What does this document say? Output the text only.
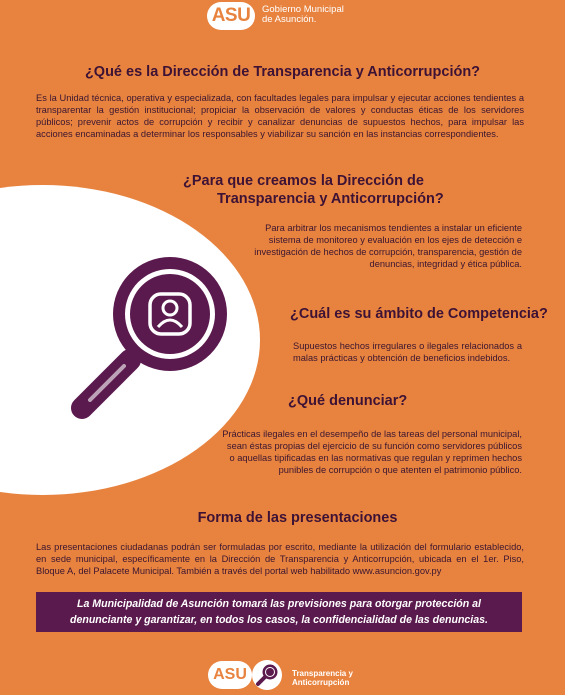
ASU	Gobierno Municipal
de Asunción.
¿Qué es la Dirección de Transparencia y Anticorrupción?

Es la Unidad técnica, operativa y especializada, con facultades legales para impulsar y ejecutar acciones tendientes a transparentar la gestión institucional; propiciar la observación de valores y conductas éticas de los servidores públicos; prevenir actos de corrupción y recibir y canalizar denuncias de supuestos hechos, para impulsar las acciones encaminadas a determinar los responsables y viabilizar su sanción en las instancias correspondientes.

¿Para que creamos la Dirección de
Transparencia y Anticorrupción?

Para arbitrar los mecanismos tendientes a instalar un eficiente sistema de monitoreo y evaluación en los ejes de detección e investigación de hechos de corrupción, transparencia, gestión de denuncias, integridad y ética pública.

¿Cuál es su ámbito de Competencia?

Supuestos hechos irregulares o ilegales relacionados a malas prácticas y obtención de beneficios indebidos.

¿Qué denunciar?

Prácticas ilegales en el desempeño de las tareas del personal municipal, sean éstas propias del ejercicio de su función como servidores públicos o aquellas tipificadas en las normativas que regulan y reprimen hechos punibles de corrupción o que atenten el patrimonio público.

Forma de las presentaciones

Las presentaciones ciudadanas podrán ser formuladas por escrito, mediante la utilización del formulario establecido, en sede municipal, específicamente en la Dirección de Transparencia y Anticorrupción, ubicada en el 1er. Piso, Bloque A, del Palacete Municipal. También a través del portal web habilitado www.asuncion.gov.py

La Municipalidad de Asunción tomará las previsiones para otorgar protección al
denunciante y garantizar, en todos los casos, la confidencialidad de las denuncias.
ASU	Transparencia y
Anticorrupción
